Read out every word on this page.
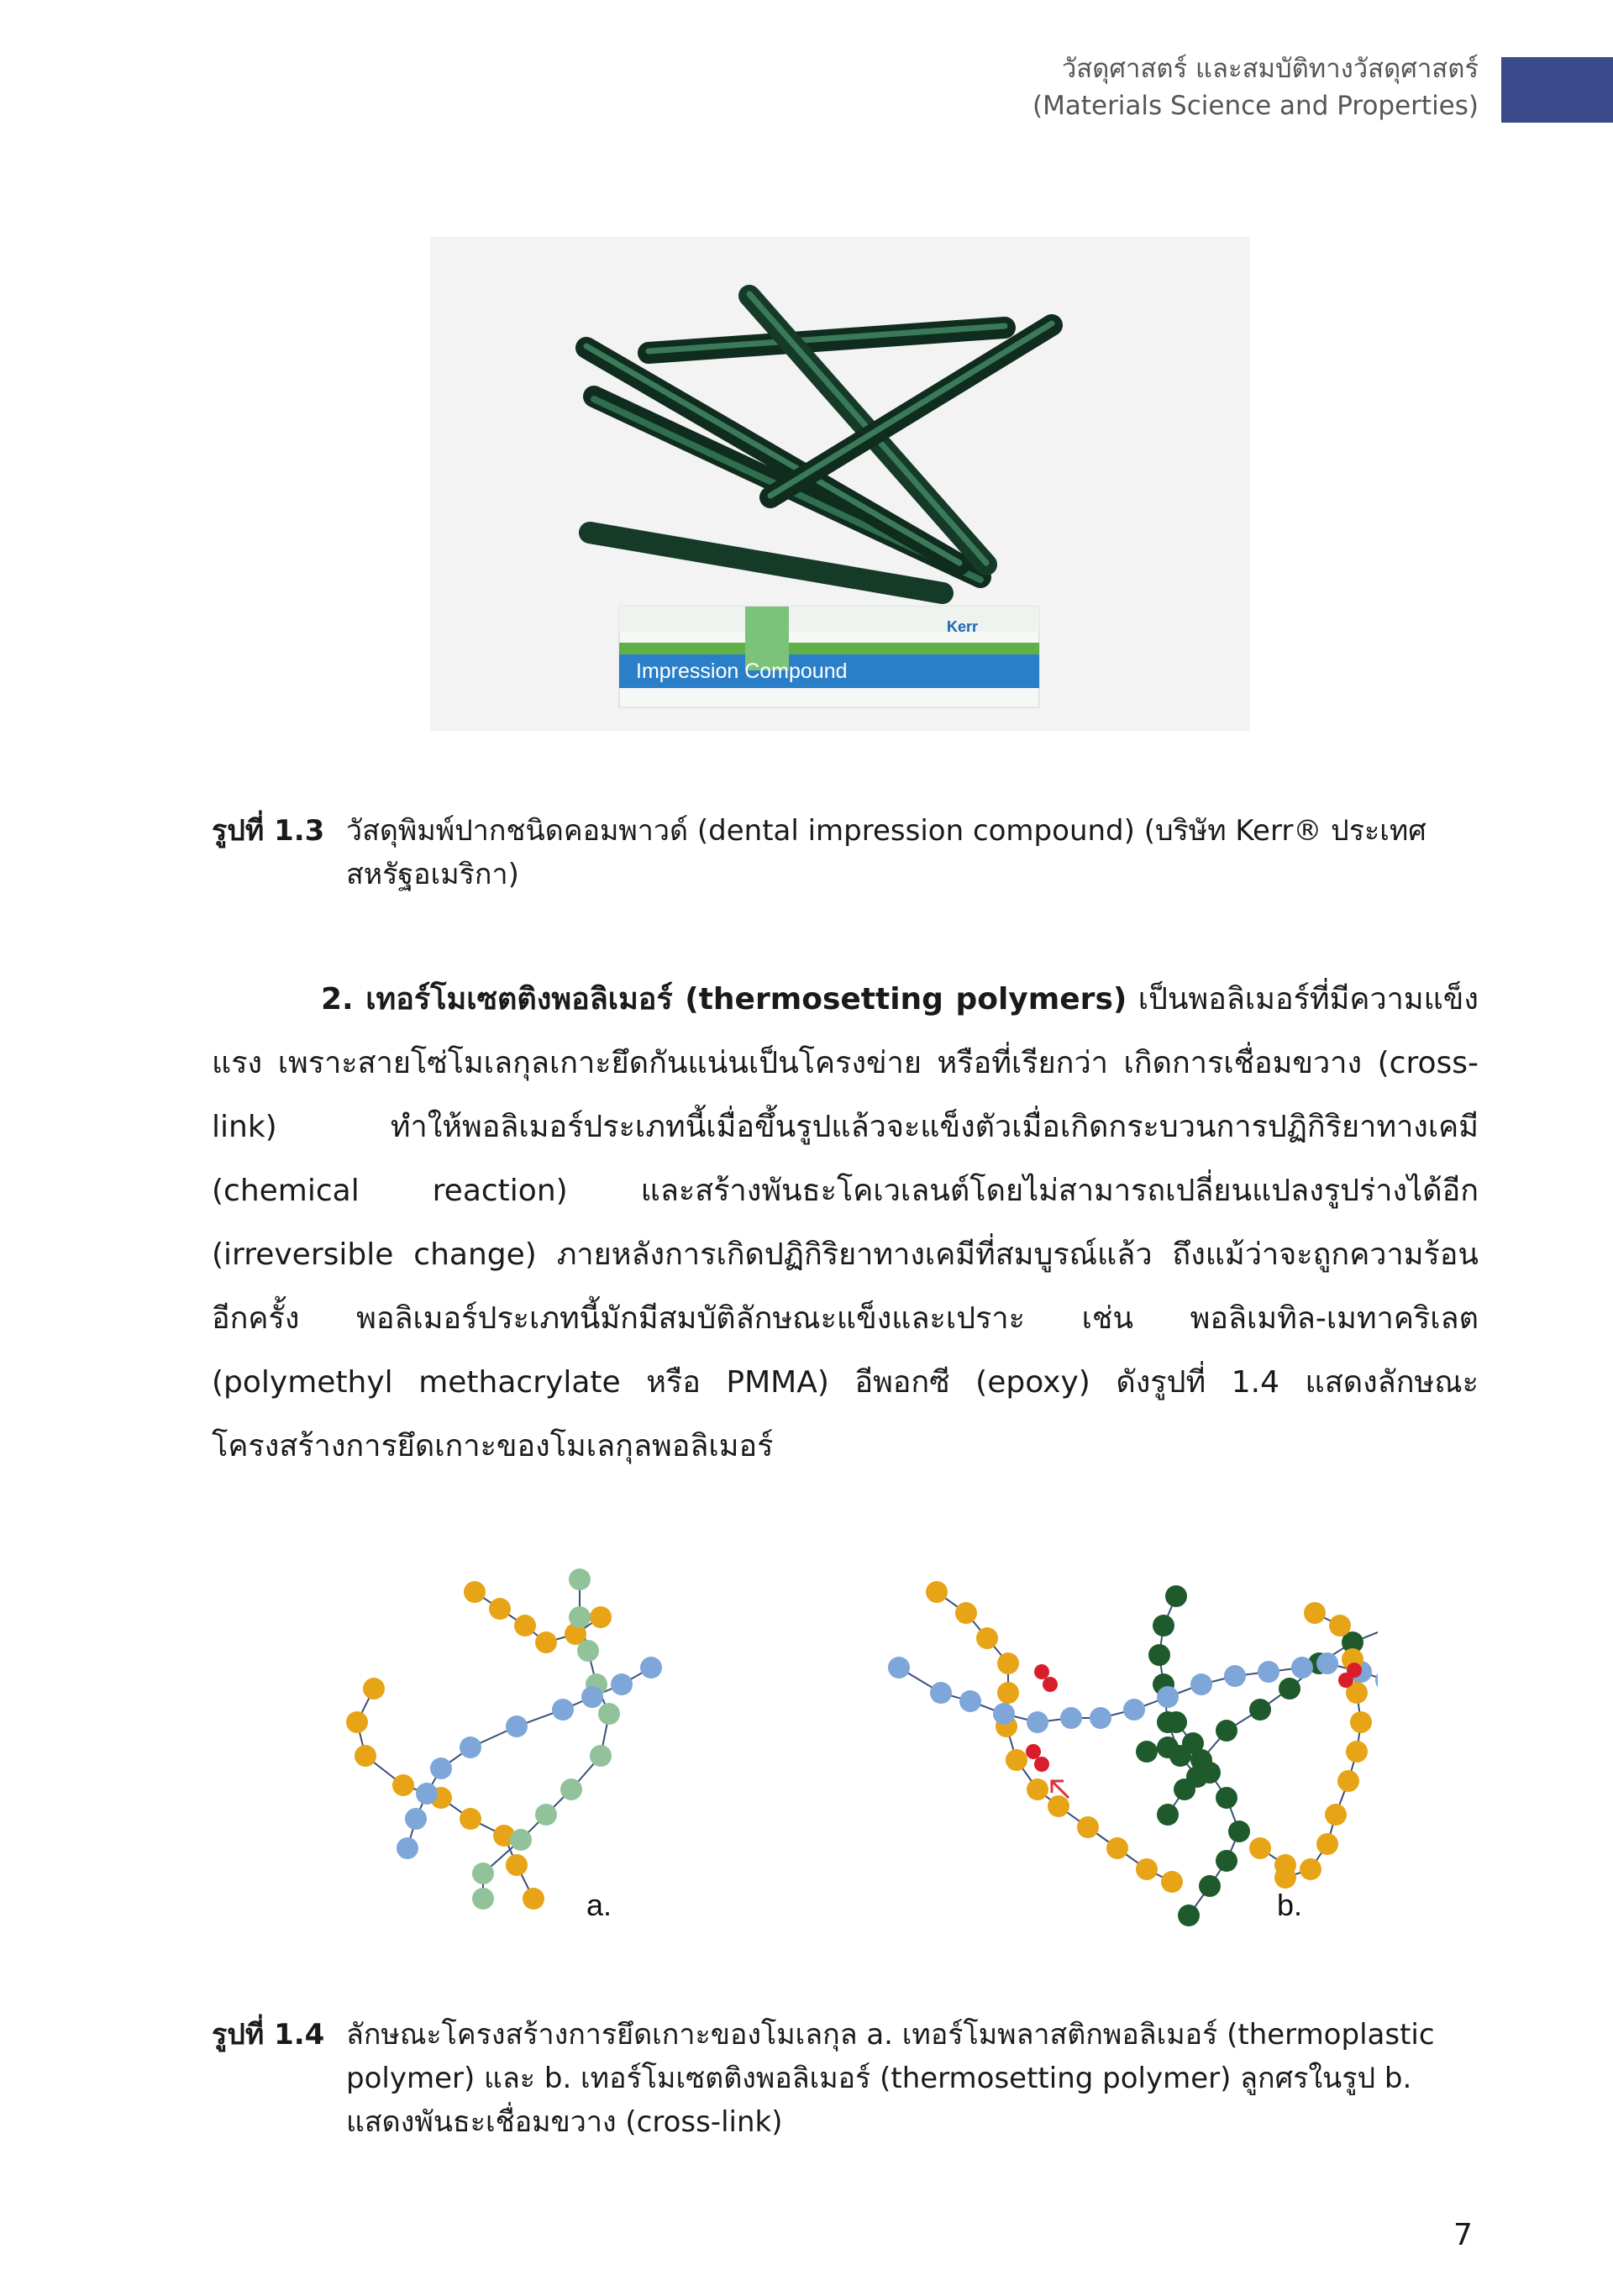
วัสดุศาสตร์ และสมบัติทางวัสดุศาสตร์
(Materials Science and Properties)
Kerr
Impression Compound
รูปที่ 1.3 วัสดุพิมพ์ปากชนิดคอมพาวด์ (dental impression compound) (บริษัท Kerr® ประเทศสหรัฐอเมริกา)

2. เทอร์โมเซตติงพอลิเมอร์ (thermosetting polymers) เป็นพอลิเมอร์ที่มีความแข็งแรง เพราะสายโซ่โมเลกุลเกาะยึดกันแน่นเป็นโครงข่าย หรือที่เรียกว่า เกิดการเชื่อมขวาง (cross-link) ทำให้พอลิเมอร์ประเภทนี้เมื่อขึ้นรูปแล้วจะแข็งตัวเมื่อเกิดกระบวนการปฏิกิริยาทางเคมี (chemical reaction) และสร้างพันธะโคเวเลนต์โดยไม่สามารถเปลี่ยนแปลงรูปร่างได้อีก (irreversible change) ภายหลังการเกิดปฏิกิริยาทางเคมีที่สมบูรณ์แล้ว ถึงแม้ว่าจะถูกความร้อนอีกครั้ง พอลิเมอร์ประเภทนี้มักมีสมบัติลักษณะแข็งและเปราะ เช่น พอลิเมทิล-เมทาคริเลต (polymethyl methacrylate หรือ PMMA) อีพอกซี (epoxy) ดังรูปที่ 1.4 แสดงลักษณะโครงสร้างการยึดเกาะของโมเลกุลพอลิเมอร์

a.	b.
รูปที่ 1.4 ลักษณะโครงสร้างการยึดเกาะของโมเลกุล a. เทอร์โมพลาสติกพอลิเมอร์ (thermoplastic polymer) และ b. เทอร์โมเซตติงพอลิเมอร์ (thermosetting polymer) ลูกศรในรูป b. แสดงพันธะเชื่อมขวาง (cross-link)
7
